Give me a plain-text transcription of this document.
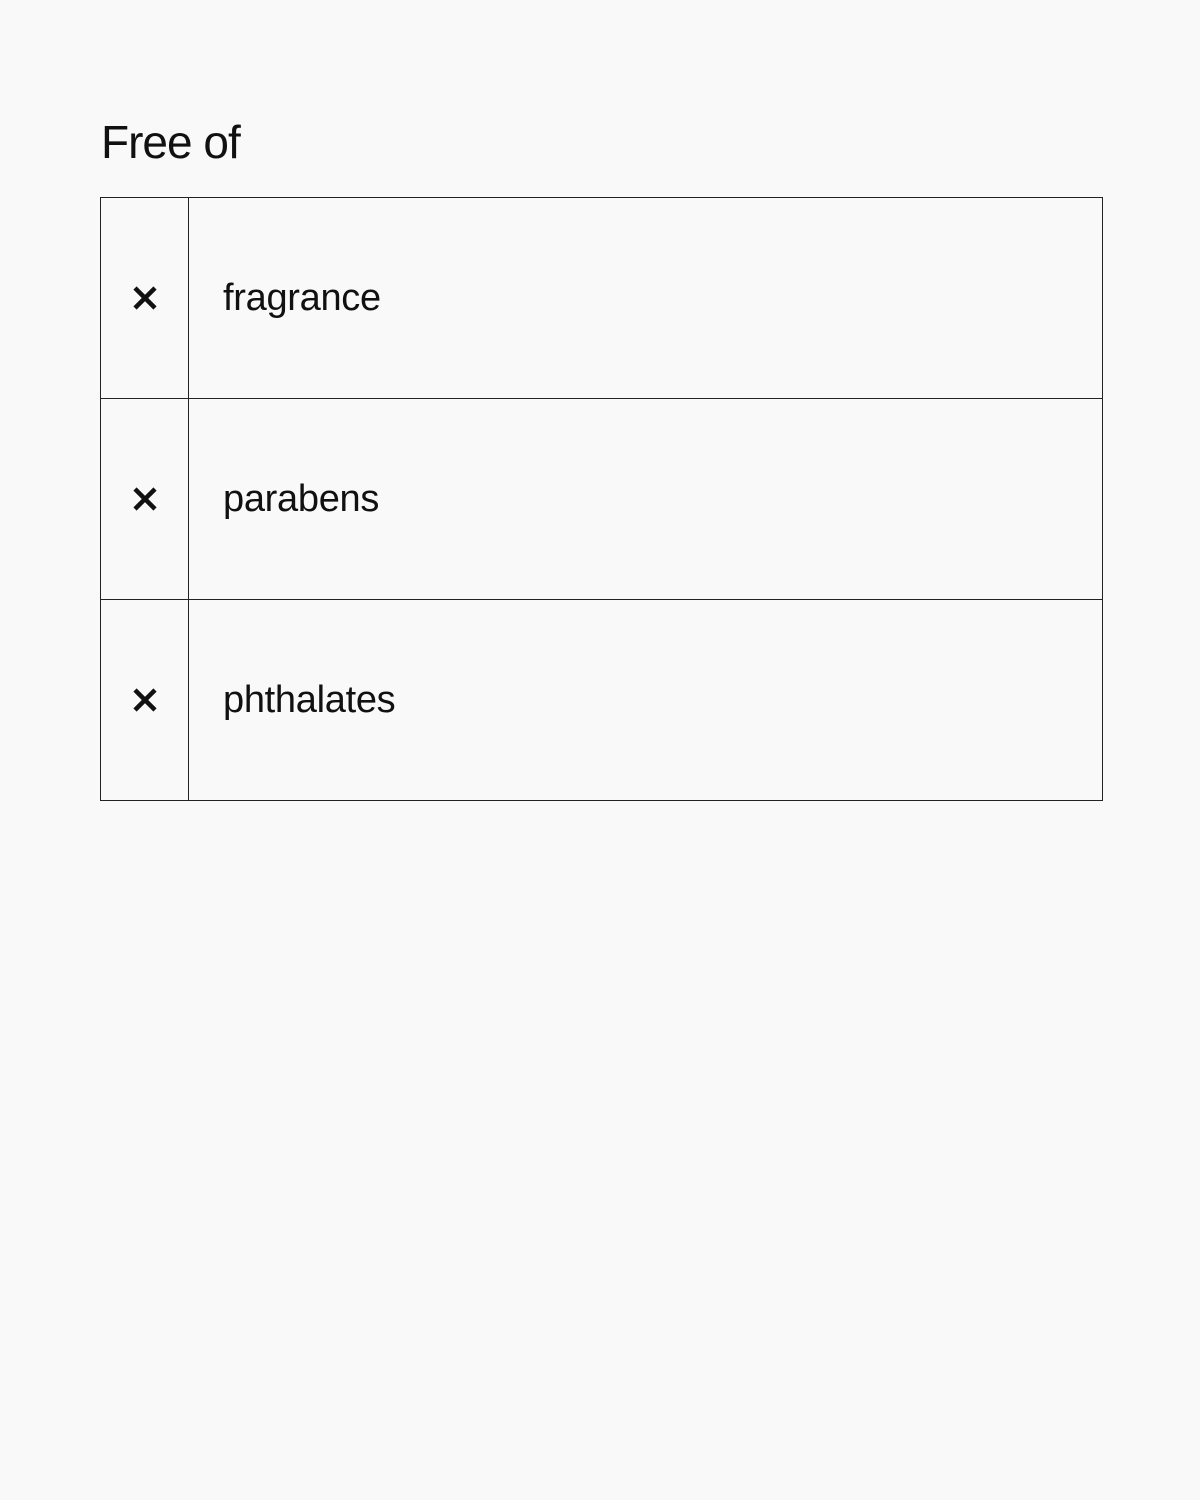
Free of
fragrance
parabens
phthalates
